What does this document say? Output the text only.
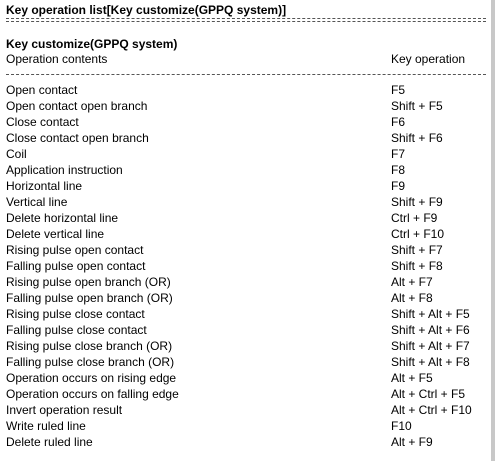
Key operation list[Key customize(GPPQ system)]
Key customize(GPPQ system)
Operation contents	Key operation
Open contact	F5
Open contact open branch	Shift + F5
Close contact	F6
Close contact open branch	Shift + F6
Coil	F7
Application instruction	F8
Horizontal line	F9
Vertical line	Shift + F9
Delete horizontal line	Ctrl + F9
Delete vertical line	Ctrl + F10
Rising pulse open contact	Shift + F7
Falling pulse open contact	Shift + F8
Rising pulse open branch (OR)	Alt + F7
Falling pulse open branch (OR)	Alt + F8
Rising pulse close contact	Shift + Alt + F5
Falling pulse close contact	Shift + Alt + F6
Rising pulse close branch (OR)	Shift + Alt + F7
Falling pulse close branch (OR)	Shift + Alt + F8
Operation occurs on rising edge	Alt + F5
Operation occurs on falling edge	Alt + Ctrl + F5
Invert operation result	Alt + Ctrl + F10
Write ruled line	F10
Delete ruled line	Alt + F9
